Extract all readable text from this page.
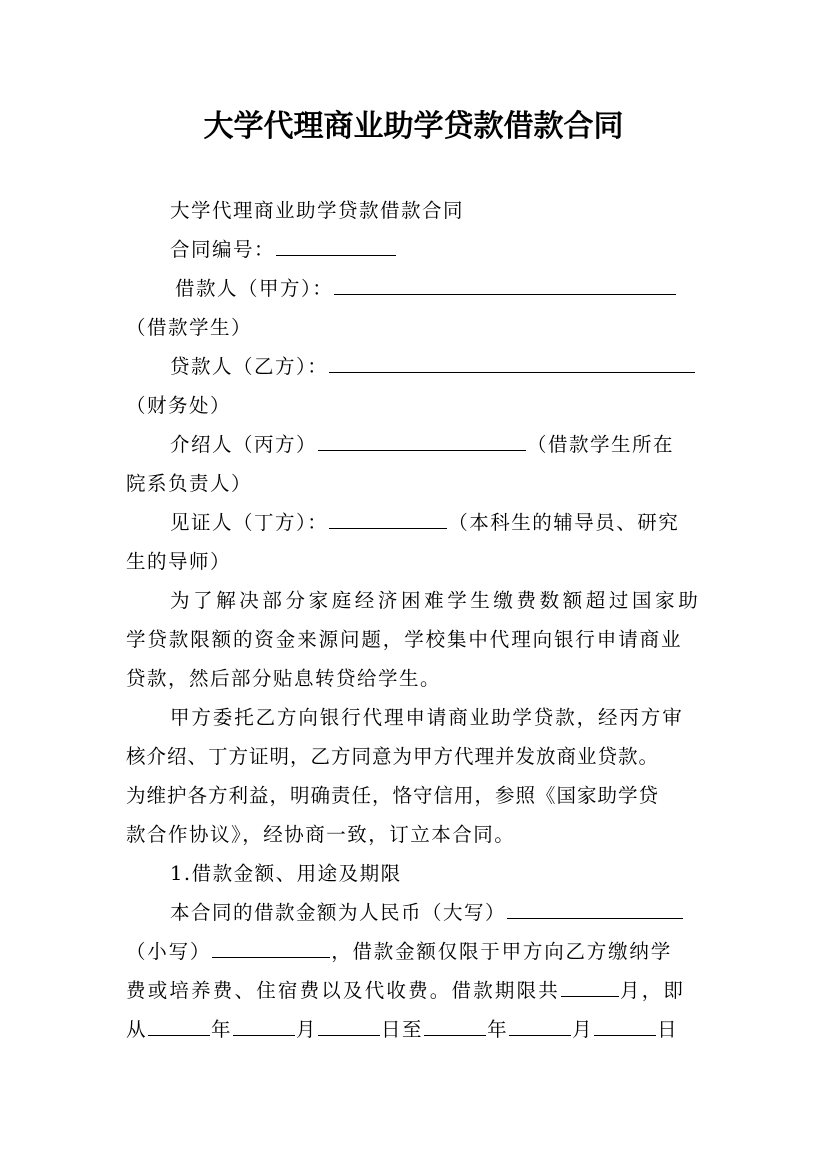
大学代理商业助学贷款借款合同
大学代理商业助学贷款借款合同
合同编号：
借款人（甲方）：
（借款学生）
贷款人（乙方）：
（财务处）
介绍人（丙方）	（借款学生所在
院系负责人）
见证人（丁方）：	（本科生的辅导员、研究
生的导师）
为了解决部分家庭经济困难学生缴费数额超过国家助
学贷款限额的资金来源问题，学校集中代理向银行申请商业
贷款，然后部分贴息转贷给学生。
甲方委托乙方向银行代理申请商业助学贷款，经丙方审
核介绍、丁方证明，乙方同意为甲方代理并发放商业贷款。
为维护各方利益，明确责任，恪守信用，参照《国家助学贷
款合作协议》，经协商一致，订立本合同。
1.借款金额、用途及期限
本合同的借款金额为人民币（大写）
（小写）	，借款金额仅限于甲方向乙方缴纳学
费或培养费、住宿费以及代收费。借款期限共	月，即
从	年	月	日至	年	月	日
